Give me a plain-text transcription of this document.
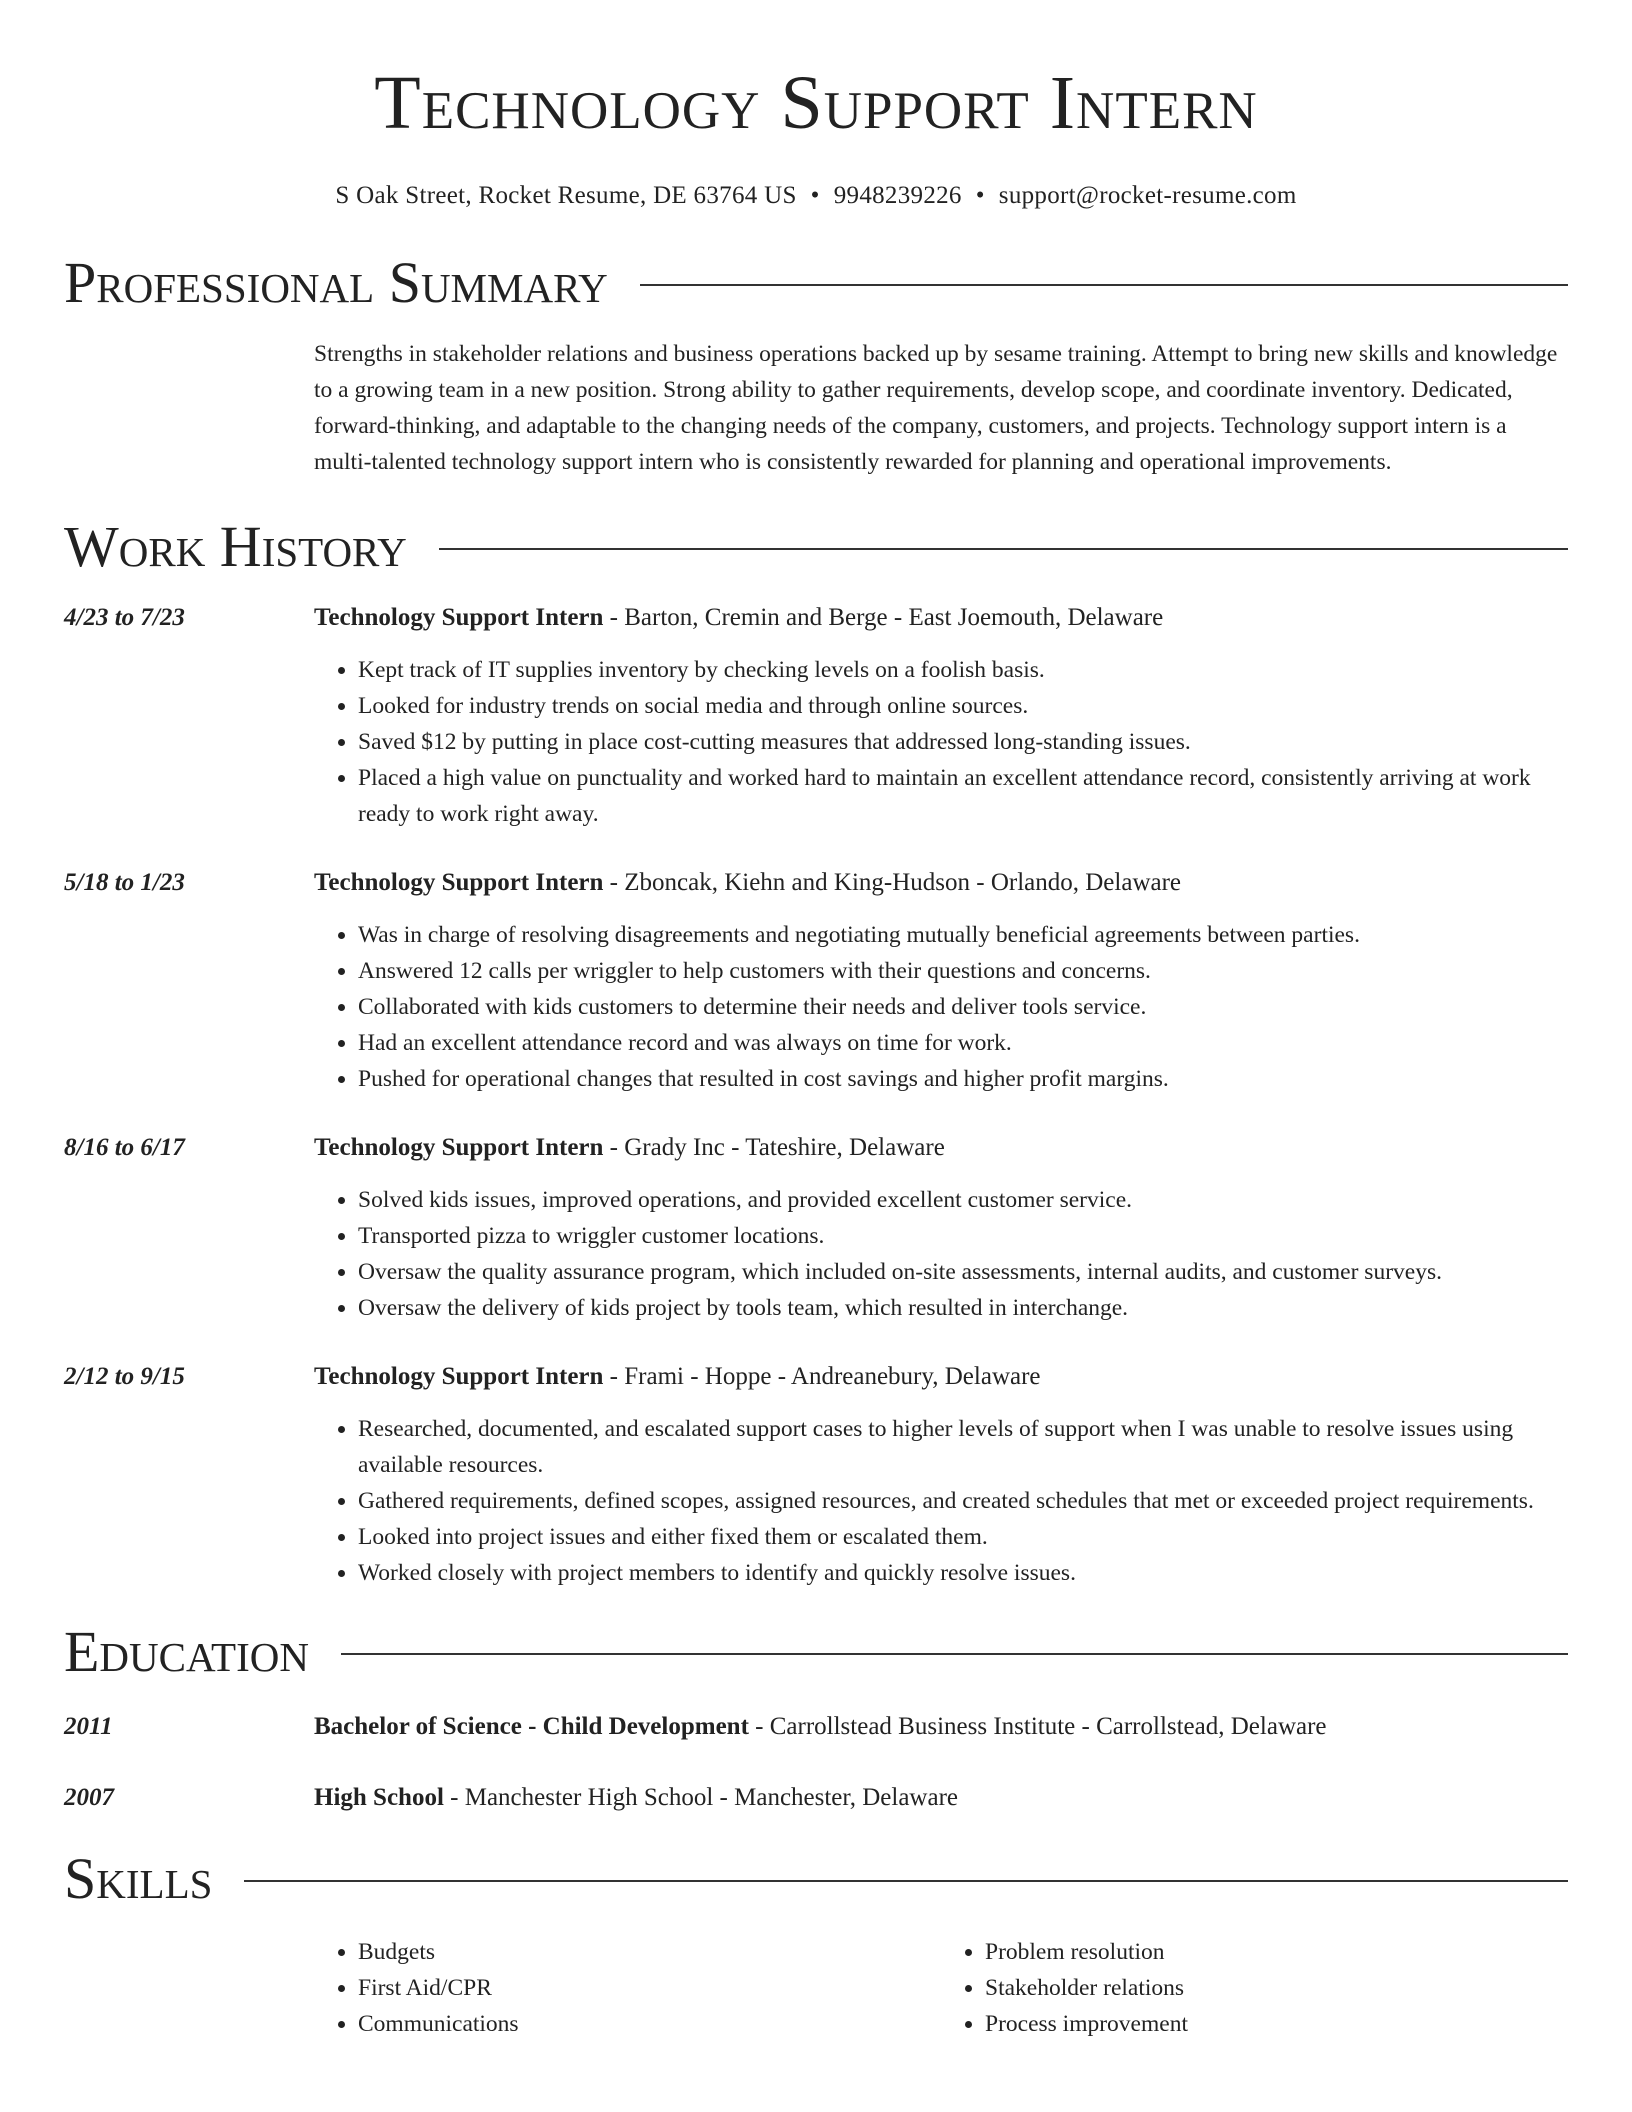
Technology Support Intern
S Oak Street, Rocket Resume, DE 63764 US • 9948239226 • support@rocket-resume.com
Professional Summary
Strengths in stakeholder relations and business operations backed up by sesame training. Attempt to bring new skills and knowledge to a growing team in a new position. Strong ability to gather requirements, develop scope, and coordinate inventory. Dedicated, forward-thinking, and adaptable to the changing needs of the company, customers, and projects. Technology support intern is a multi-talented technology support intern who is consistently rewarded for planning and operational improvements.
Work History
4/23 to 7/23	Technology Support Intern - Barton, Cremin and Berge - East Joemouth, Delaware
• Kept track of IT supplies inventory by checking levels on a foolish basis.
• Looked for industry trends on social media and through online sources.
• Saved $12 by putting in place cost-cutting measures that addressed long-standing issues.
• Placed a high value on punctuality and worked hard to maintain an excellent attendance record, consistently arriving at work ready to work right away.
5/18 to 1/23	Technology Support Intern - Zboncak, Kiehn and King-Hudson - Orlando, Delaware
• Was in charge of resolving disagreements and negotiating mutually beneficial agreements between parties.
• Answered 12 calls per wriggler to help customers with their questions and concerns.
• Collaborated with kids customers to determine their needs and deliver tools service.
• Had an excellent attendance record and was always on time for work.
• Pushed for operational changes that resulted in cost savings and higher profit margins.
8/16 to 6/17	Technology Support Intern - Grady Inc - Tateshire, Delaware
• Solved kids issues, improved operations, and provided excellent customer service.
• Transported pizza to wriggler customer locations.
• Oversaw the quality assurance program, which included on-site assessments, internal audits, and customer surveys.
• Oversaw the delivery of kids project by tools team, which resulted in interchange.
2/12 to 9/15	Technology Support Intern - Frami - Hoppe - Andreanebury, Delaware
• Researched, documented, and escalated support cases to higher levels of support when I was unable to resolve issues using available resources.
• Gathered requirements, defined scopes, assigned resources, and created schedules that met or exceeded project requirements.
• Looked into project issues and either fixed them or escalated them.
• Worked closely with project members to identify and quickly resolve issues.
Education
2011	Bachelor of Science - Child Development - Carrollstead Business Institute - Carrollstead, Delaware
2007	High School - Manchester High School - Manchester, Delaware
Skills
• Budgets
• First Aid/CPR
• Communications
• Problem resolution
• Stakeholder relations
• Process improvement
